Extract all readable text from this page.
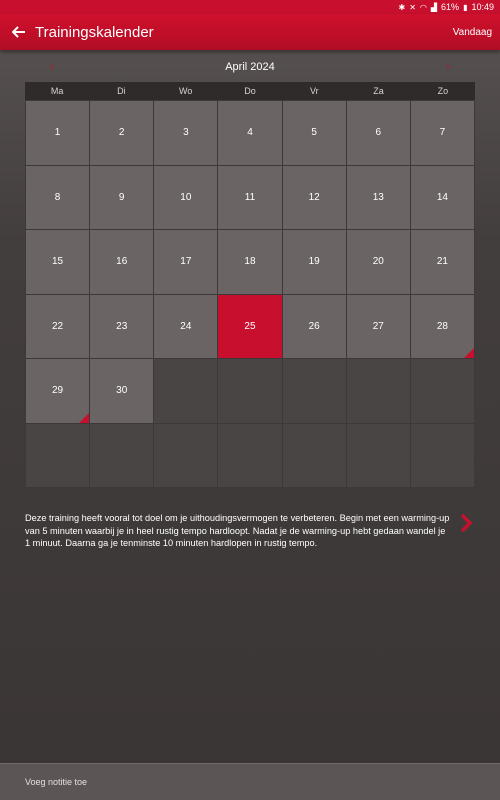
✱ ✕ ◠ ▟ 61% ▮ 10:49
Trainingskalender	Vandaag
‹	April 2024	›
Ma	Di	Wo	Do	Vr	Za	Zo
1	2	3	4	5	6	7
8	9	10	11	12	13	14
15	16	17	18	19	20	21
22	23	24	25	26	27	28
29	30
Deze training heeft vooral tot doel om je uithoudingsvermogen te verbeteren. Begin met een warming-up van 5 minuten waarbij je in heel rustig tempo hardloopt. Nadat je de warming-up hebt gedaan wandel je 1 minuut. Daarna ga je tenminste 10 minuten hardlopen in rustig tempo.
Voeg notitie toe
